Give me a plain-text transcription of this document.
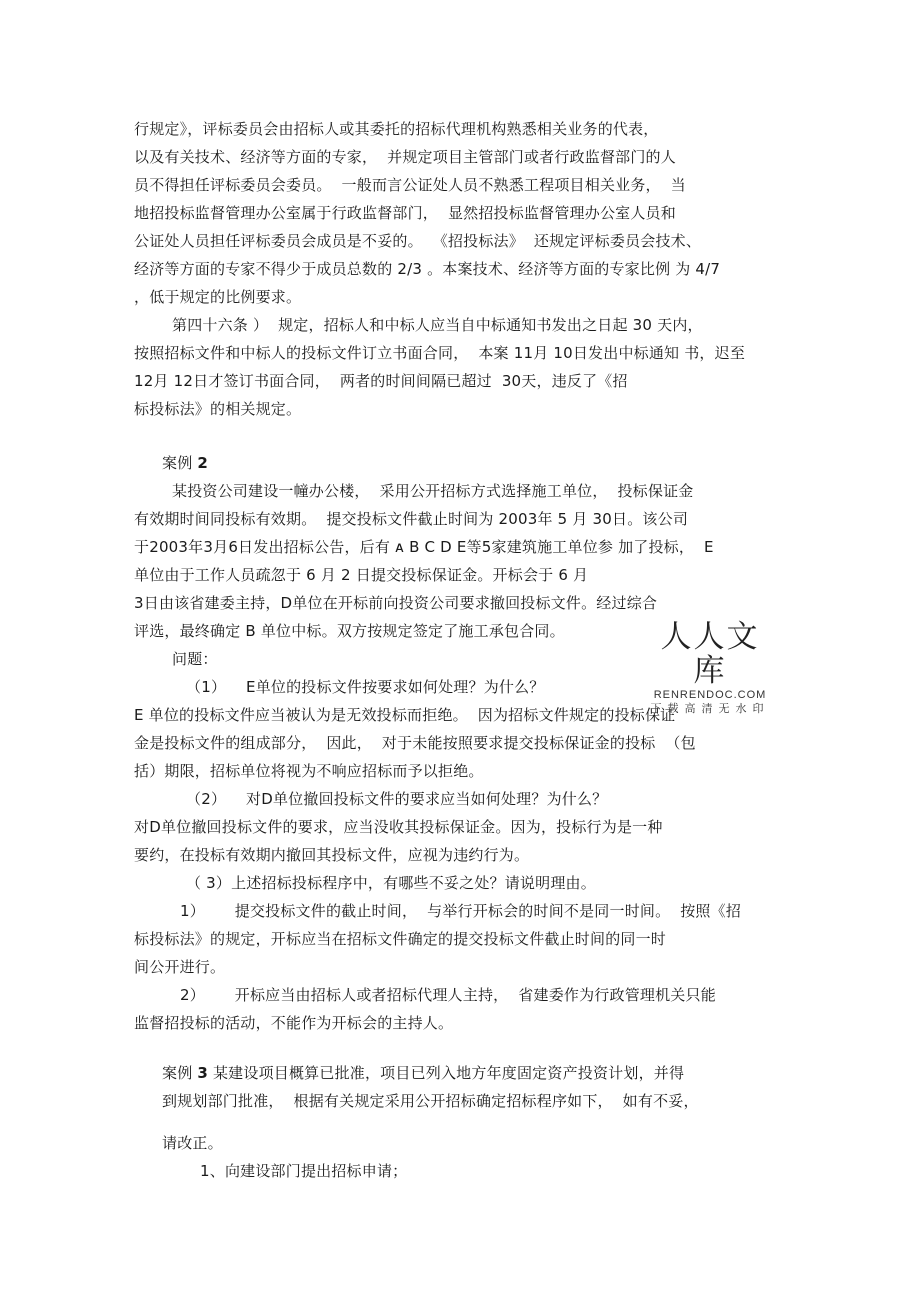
行规定》，评标委员会由招标人或其委托的招标代理机构熟悉相关业务的代表，
以及有关技术、经济等方面的专家，  并规定项目主管部门或者行政监督部门的人
员不得担任评标委员会委员。  一般而言公证处人员不熟悉工程项目相关业务，  当
地招投标监督管理办公室属于行政监督部门，  显然招投标监督管理办公室人员和
公证处人员担任评标委员会成员是不妥的。  《招投标法》  还规定评标委员会技术、
经济等方面的专家不得少于成员总数的 2/3 。本案技术、经济等方面的专家比例 为 4/7
，低于规定的比例要求。
第四十六条 ）  规定，招标人和中标人应当自中标通知书发出之日起 30 天内，
按照招标文件和中标人的投标文件订立书面合同，  本案 11月 10日发出中标通知 书，迟至
12月 12日才签订书面合同，  两者的时间间隔已超过  30天，违反了《招
标投标法》的相关规定。
案例 2
某投资公司建设一幢办公楼，  采用公开招标方式选择施工单位，  投标保证金
有效期时间同投标有效期。  提交投标文件截止时间为 2003年 5 月 30日。该公司
于2003年3月6日发出招标公告，后有 ᴀ B C D E等5家建筑施工单位参 加了投标，  E
单位由于工作人员疏忽于 6 月 2 日提交投标保证金。开标会于 6 月
3日由该省建委主持，D单位在开标前向投资公司要求撤回投标文件。经过综合
评选，最终确定 B 单位中标。双方按规定签定了施工承包合同。
问题：
（1）    E单位的投标文件按要求如何处理？为什么？
E 单位的投标文件应当被认为是无效投标而拒绝。  因为招标文件规定的投标保证
金是投标文件的组成部分，  因此，  对于未能按照要求提交投标保证金的投标  （包
括）期限，招标单位将视为不响应招标而予以拒绝。
（2）    对D单位撤回投标文件的要求应当如何处理？为什么？
对D单位撤回投标文件的要求，应当没收其投标保证金。因为，投标行为是一种
要约，在投标有效期内撤回其投标文件，应视为违约行为。
（ 3）上述招标投标程序中，有哪些不妥之处？请说明理由。
1）      提交投标文件的截止时间，  与举行开标会的时间不是同一时间。  按照《招
标投标法》的规定，开标应当在招标文件确定的提交投标文件截止时间的同一时
间公开进行。
2）      开标应当由招标人或者招标代理人主持，  省建委作为行政管理机关只能
监督招投标的活动，不能作为开标会的主持人。
案例 3 某建设项目概算已批准，项目已列入地方年度固定资产投资计划，并得
到规划部门批准，  根据有关规定采用公开招标确定招标程序如下，  如有不妥，
请改正。
1、向建设部门提出招标申请；
人人文库
RENRENDOC.COM
下载高清无水印
